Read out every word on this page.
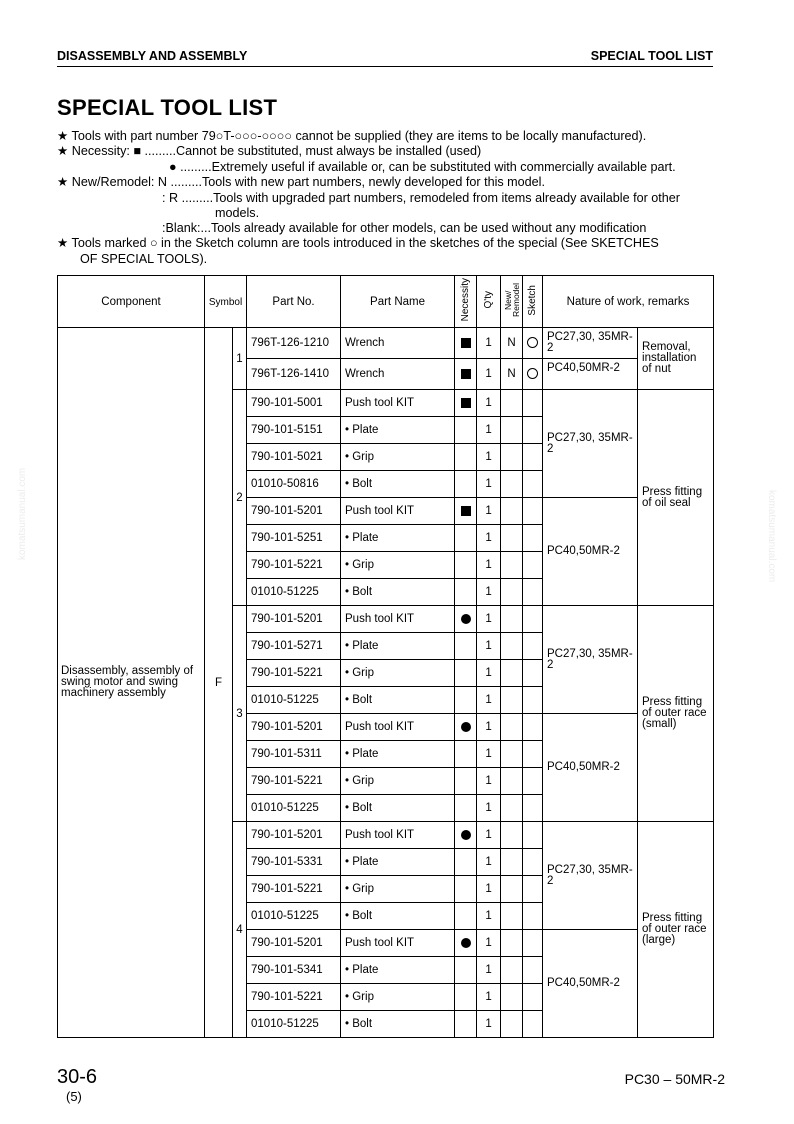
DISASSEMBLY AND ASSEMBLY	SPECIAL TOOL LIST
SPECIAL TOOL LIST
★ Tools with part number 79○T-○○○-○○○○ cannot be supplied (they are items to be locally manufactured).
★ Necessity: ■ .........Cannot be substituted, must always be installed (used)
● .........Extremely useful if available or, can be substituted with commercially available part.
★ New/Remodel: N .........Tools with new part numbers, newly developed for this model.
: R .........Tools with upgraded part numbers, remodeled from items already available for other
models.
:Blank:...Tools already available for other models, can be used without any modification
★ Tools marked ○ in the Sketch column are tools introduced in the sketches of the special (See SKETCHES
OF SPECIAL TOOLS).
komatsumanual.com	komatsumanual.com
Component	Symbol		Part No.	Part Name	Necessity	Q'ty	New/ Remodel	Sketch	Nature of work, remarks	
Disassembly, assembly of swing motor and swing machinery assembly	F	1	796T-126-1210	Wrench		1	N		PC27,30, 35MR-2	Removal, installation of nut
			796T-126-1410	Wrench		1	N		PC40,50MR-2	
		2	790-101-5001	Push tool KIT		1			PC27,30, 35MR-2	Press fitting of oil seal
			790-101-5151	• Plate		1				
			790-101-5021	• Grip		1				
			01010-50816	• Bolt		1				
			790-101-5201	Push tool KIT		1			PC40,50MR-2	
			790-101-5251	• Plate		1				
			790-101-5221	• Grip		1				
			01010-51225	• Bolt		1				
		3	790-101-5201	Push tool KIT		1			PC27,30, 35MR-2	Press fitting of outer race (small)
			790-101-5271	• Plate		1				
			790-101-5221	• Grip		1				
			01010-51225	• Bolt		1				
			790-101-5201	Push tool KIT		1			PC40,50MR-2	
			790-101-5311	• Plate		1				
			790-101-5221	• Grip		1				
			01010-51225	• Bolt		1				
		4	790-101-5201	Push tool KIT		1			PC27,30, 35MR-2	Press fitting of outer race (large)
			790-101-5331	• Plate		1				
			790-101-5221	• Grip		1				
			01010-51225	• Bolt		1				
			790-101-5201	Push tool KIT		1			PC40,50MR-2	
			790-101-5341	• Plate		1				
			790-101-5221	• Grip		1				
			01010-51225	• Bolt		1				
30-6
(5)
PC30 – 50MR-2
